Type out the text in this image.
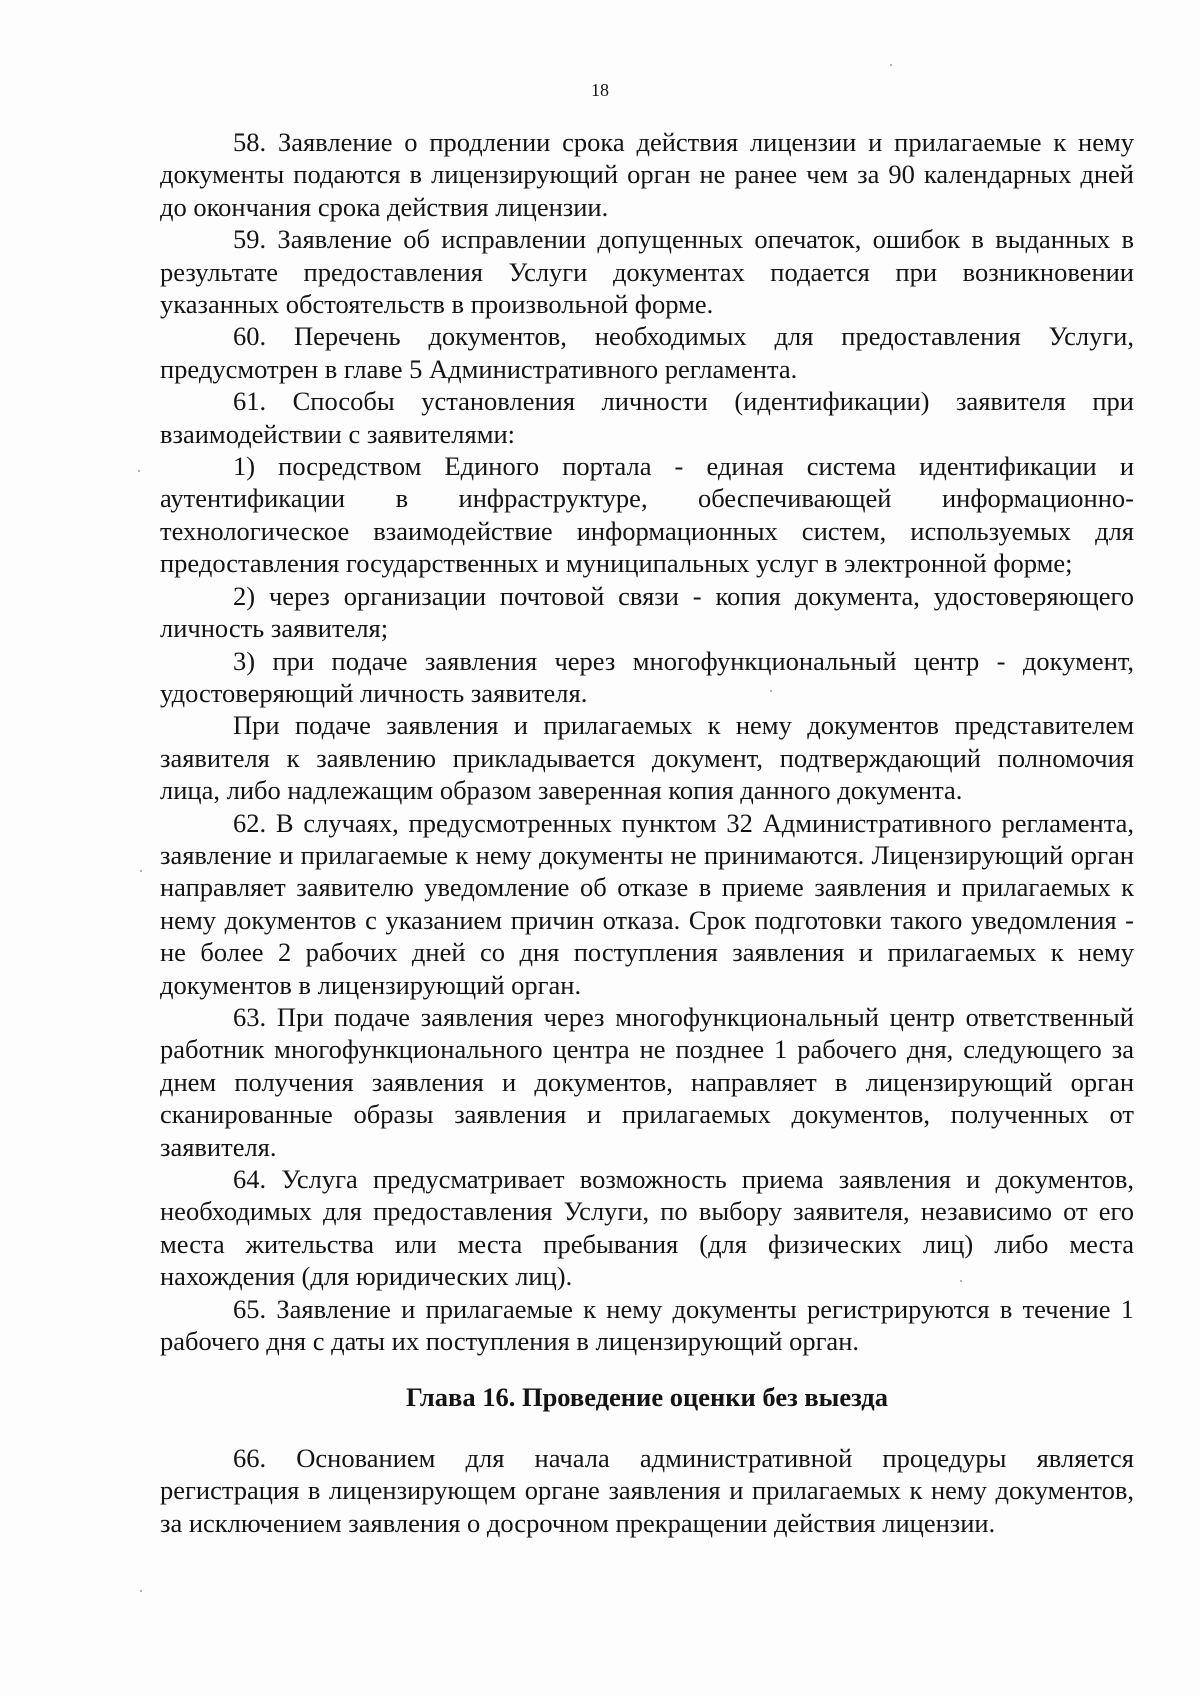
18

58. Заявление о продлении срока действия лицензии и прилагаемые к нему документы подаются в лицензирующий орган не ранее чем за 90 календарных дней до окончания срока действия лицензии.

59. Заявление об исправлении допущенных опечаток, ошибок в выданных в результате предоставления Услуги документах подается при возникновении указанных обстоятельств в произвольной форме.

60. Перечень документов, необходимых для предоставления Услуги, предусмотрен в главе 5 Административного регламента.

61. Способы установления личности (идентификации) заявителя при взаимодействии с заявителями:

1) посредством Единого портала - единая система идентификации и аутентификации в инфраструктуре, обеспечивающей информационно-технологическое взаимодействие информационных систем, используемых для предоставления государственных и муниципальных услуг в электронной форме;

2) через организации почтовой связи - копия документа, удостоверяющего личность заявителя;

3) при подаче заявления через многофункциональный центр - документ, удостоверяющий личность заявителя.

При подаче заявления и прилагаемых к нему документов представителем заявителя к заявлению прикладывается документ, подтверждающий полномочия лица, либо надлежащим образом заверенная копия данного документа.

62. В случаях, предусмотренных пунктом 32 Административного регламента, заявление и прилагаемые к нему документы не принимаются. Лицензирующий орган направляет заявителю уведомление об отказе в приеме заявления и прилагаемых к нему документов с указанием причин отказа. Срок подготовки такого уведомления - не более 2 рабочих дней со дня поступления заявления и прилагаемых к нему документов в лицензирующий орган.

63. При подаче заявления через многофункциональный центр ответственный работник многофункционального центра не позднее 1 рабочего дня, следующего за днем получения заявления и документов, направляет в лицензирующий орган сканированные образы заявления и прилагаемых документов, полученных от заявителя.

64. Услуга предусматривает возможность приема заявления и документов, необходимых для предоставления Услуги, по выбору заявителя, независимо от его места жительства или места пребывания (для физических лиц) либо места нахождения (для юридических лиц).

65. Заявление и прилагаемые к нему документы регистрируются в течение 1 рабочего дня с даты их поступления в лицензирующий орган.

Глава 16. Проведение оценки без выезда

66. Основанием для начала административной процедуры является регистрация в лицензирующем органе заявления и прилагаемых к нему документов, за исключением заявления о досрочном прекращении действия лицензии.
